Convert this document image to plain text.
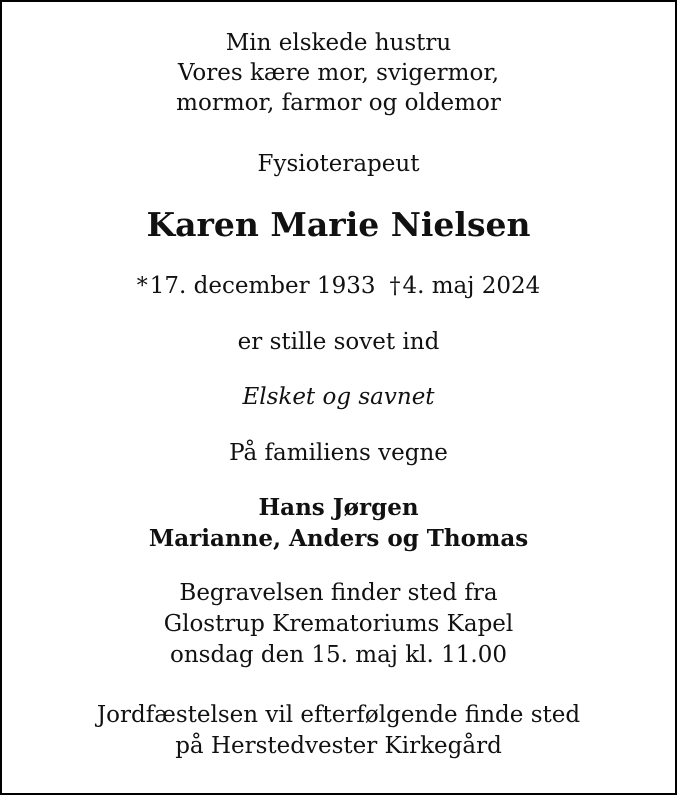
Min elskede hustru
Vores kære mor, svigermor,
mormor, farmor og oldemor
Fysioterapeut
Karen Marie Nielsen
*17. december 1933 †4. maj 2024
er stille sovet ind
Elsket og savnet
På familiens vegne
Hans Jørgen
Marianne, Anders og Thomas
Begravelsen finder sted fra
Glostrup Krematoriums Kapel
onsdag den 15. maj kl. 11.00
Jordfæstelsen vil efterfølgende finde sted
på Herstedvester Kirkegård
